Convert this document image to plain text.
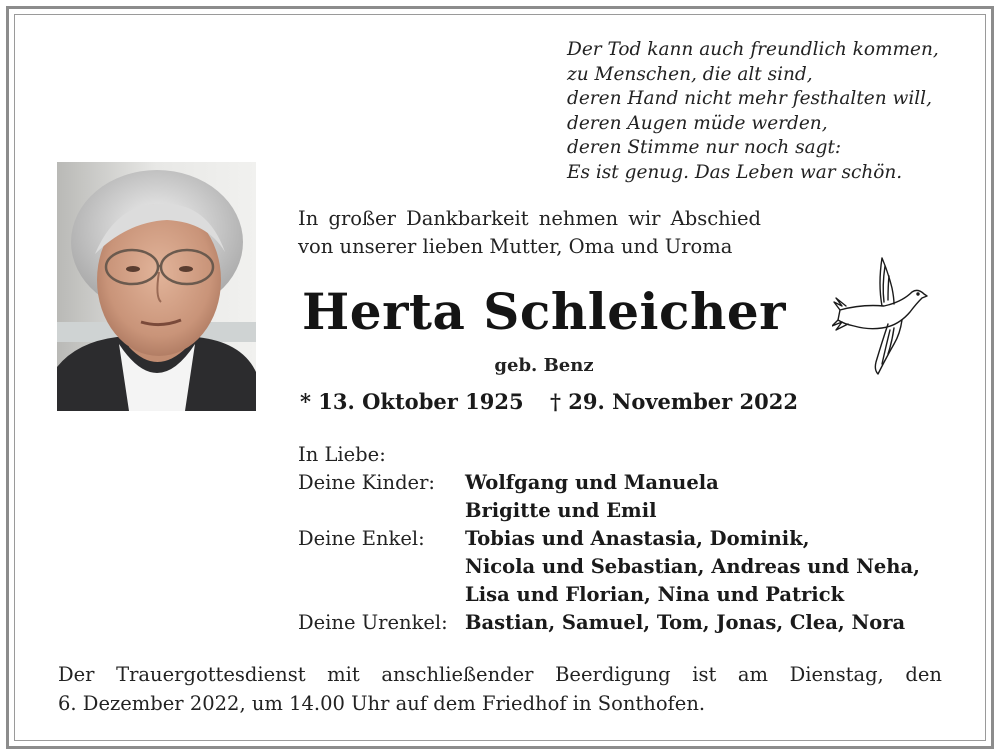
Der Tod kann auch freundlich kommen,
zu Menschen, die alt sind,
deren Hand nicht mehr festhalten will,
deren Augen müde werden,
deren Stimme nur noch sagt:
Es ist genug. Das Leben war schön.
In großer Dankbarkeit nehmen wir Abschied
von unserer lieben Mutter, Oma und Uroma
Herta Schleicher
geb. Benz
* 13. Oktober 1925 † 29. November 2022
In Liebe:
Deine Kinder: Wolfgang und Manuela
Brigitte und Emil
Deine Enkel: Tobias und Anastasia, Dominik,
Nicola und Sebastian, Andreas und Neha,
Lisa und Florian, Nina und Patrick
Deine Urenkel: Bastian, Samuel, Tom, Jonas, Clea, Nora
Der Trauergottesdienst mit anschließender Beerdigung ist am Dienstag, den
6. Dezember 2022, um 14.00 Uhr auf dem Friedhof in Sonthofen.
